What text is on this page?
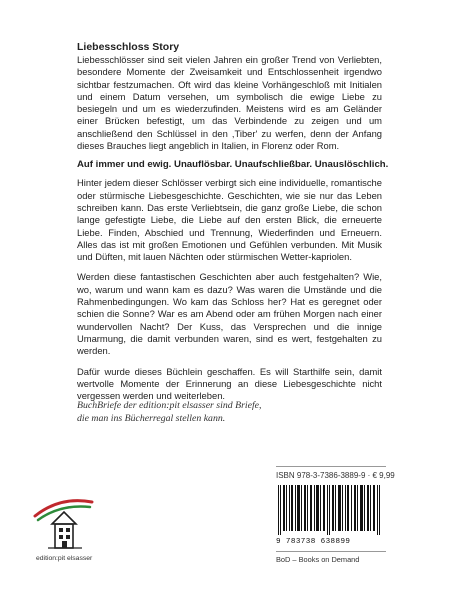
Liebesschloss Story

Liebesschlösser sind seit vielen Jahren ein großer Trend von Verliebten, besondere Momente der Zweisamkeit und Entschlossenheit irgendwo sichtbar festzumachen. Oft wird das kleine Vorhängeschloß mit Initialen und einem Datum versehen, um symbolisch die ewige Liebe zu besiegeln und um es wiederzufinden. Meistens wird es am Geländer einer Brücken befestigt, um das Verbindende zu zeigen und um anschließend den Schlüssel in den ,Tiber' zu werfen, denn der Anfang dieses Brauches liegt angeblich in Italien, in Florenz oder Rom.

Auf immer und ewig. Unauflösbar. Unaufschließbar. Unauslöschlich.

Hinter jedem dieser Schlösser verbirgt sich eine individuelle, romantische oder stürmische Liebesgeschichte. Geschichten, wie sie nur das Leben schreiben kann. Das erste Verliebtsein, die ganz große Liebe, die schon lange gefestigte Liebe, die Liebe auf den ersten Blick, die erneuerte Liebe. Finden, Abschied und Trennung, Wiederfinden und Erneuern. Alles das ist mit großen Emotionen und Gefühlen verbunden. Mit Musik und Düften, mit lauen Nächten oder stürmischen Wetter-kapriolen.

Werden diese fantastischen Geschichten aber auch festgehalten? Wie, wo, warum und wann kam es dazu? Was waren die Umstände und die Rahmenbedingungen. Wo kam das Schloss her? Hat es geregnet oder schien die Sonne? War es am Abend oder am frühen Morgen nach einer wundervollen Nacht? Der Kuss, das Versprechen und die innige Umarmung, die damit verbunden waren, sind es wert, festgehalten zu werden.

Dafür wurde dieses Büchlein geschaffen. Es will Starthilfe sein, damit wertvolle Momente der Erinnerung an diese Liebesgeschichte nicht vergessen werden und weiterleben.

BuchBriefe der edition:pit elsasser sind Briefe,
die man ins Bücherregal stellen kann.
ISBN 978-3-7386-3889-9 · € 9,99
9 783738 638899
BoD – Books on Demand
edition:pit elsasser
